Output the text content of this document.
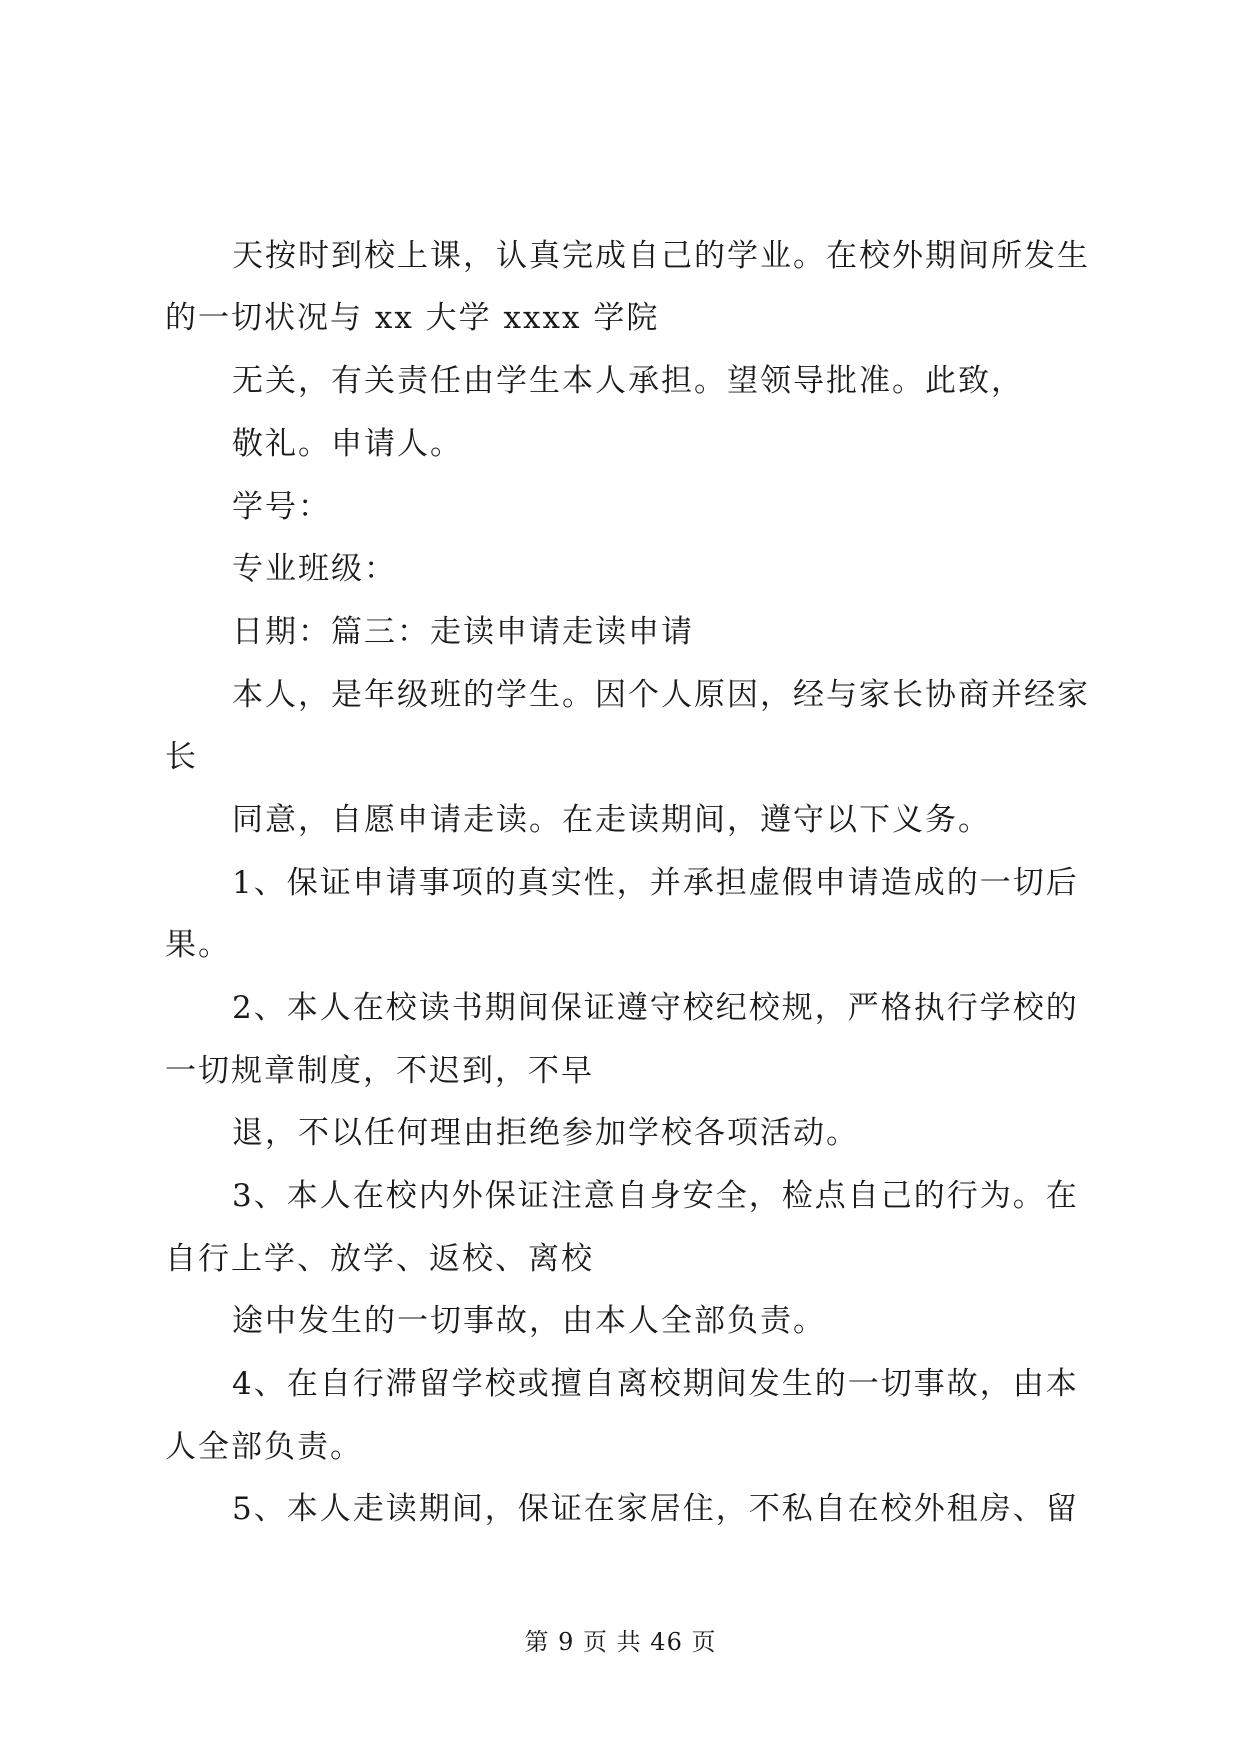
天按时到校上课，认真完成自己的学业。在校外期间所发生
的一切状况与 xx 大学 xxxx 学院
无关，有关责任由学生本人承担。望领导批准。此致，
敬礼。申请人。
学号：
专业班级：
日期：篇三：走读申请走读申请
本人，是年级班的学生。因个人原因，经与家长协商并经家
长
同意，自愿申请走读。在走读期间，遵守以下义务。
1、保证申请事项的真实性，并承担虚假申请造成的一切后
果。
2、本人在校读书期间保证遵守校纪校规，严格执行学校的
一切规章制度，不迟到，不早
退，不以任何理由拒绝参加学校各项活动。
3、本人在校内外保证注意自身安全，检点自己的行为。在
自行上学、放学、返校、离校
途中发生的一切事故，由本人全部负责。
4、在自行滞留学校或擅自离校期间发生的一切事故，由本
人全部负责。
5、本人走读期间，保证在家居住，不私自在校外租房、留
第 9 页 共 46 页
